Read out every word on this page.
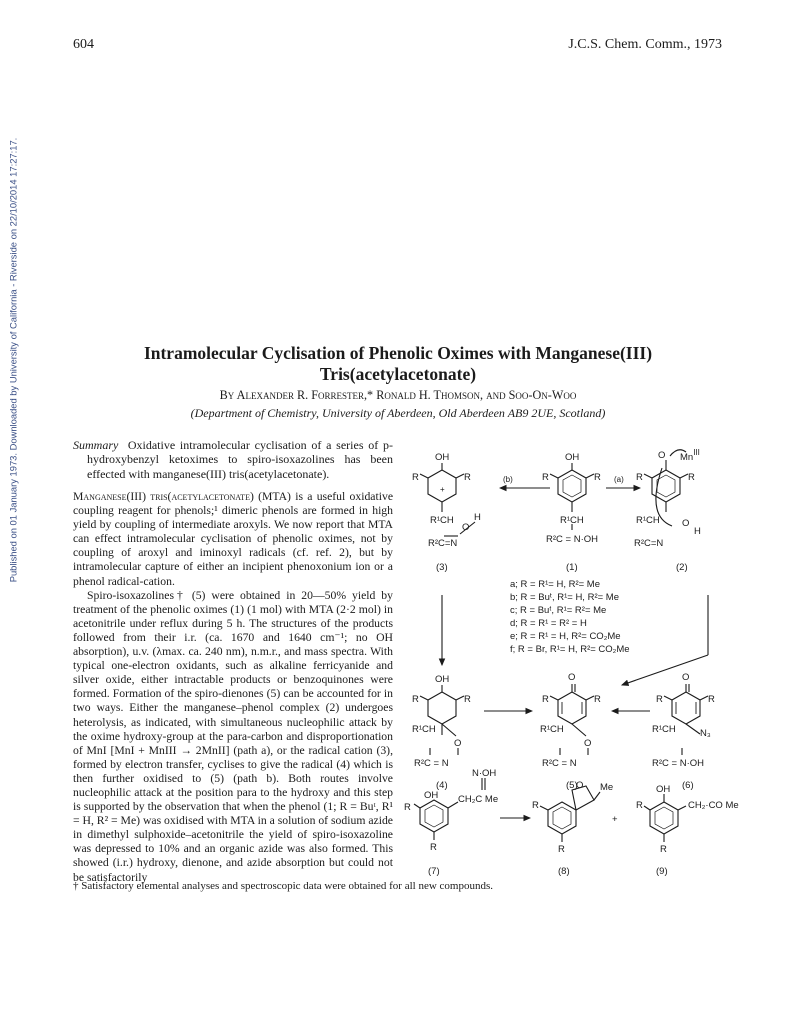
Published on 01 January 1973. Downloaded by University of California - Riverside on 22/10/2014 17:27:17.
604	J.C.S. Chem. Comm., 1973
Intramolecular Cyclisation of Phenolic Oximes with Manganese(III) Tris(acetylacetonate)
By Alexander R. Forrester,* Ronald H. Thomson, and Soo-On-Woo
(Department of Chemistry, University of Aberdeen, Old Aberdeen AB9 2UE, Scotland)
Summary Oxidative intramolecular cyclisation of a series of p-hydroxybenzyl ketoximes to spiro-isoxazolines has been effected with manganese(III) tris(acetylacetonate).

Manganese(III) tris(acetylacetonate) (MTA) is a useful oxidative coupling reagent for phenols;¹ dimeric phenols are formed in high yield by coupling of intermediate aroxyls. We now report that MTA can effect intramolecular cyclisation of phenolic oximes, not by coupling of aroxyl and iminoxyl radicals (cf. ref. 2), but by intramolecular capture of either an incipient phenoxonium ion or a phenol radical-cation.

Spiro-isoxazolines† (5) were obtained in 20—50% yield by treatment of the phenolic oximes (1) (1 mol) with MTA (2·2 mol) in acetonitrile under reflux during 5 h. The structures of the products followed from their i.r. (ca. 1670 and 1640 cm⁻¹; no OH absorption), u.v. (λmax. ca. 240 nm), n.m.r., and mass spectra. With typical one-electron oxidants, such as alkaline ferricyanide and silver oxide, either intractable products or benzoquinones were formed. Formation of the spiro-dienones (5) can be accounted for in two ways. Either the manganese–phenol complex (2) undergoes heterolysis, as indicated, with simultaneous nucleophilic attack by the oxime hydroxy-group at the para-carbon and disproportionation of MnI [MnI + MnIII → 2MnII] (path a), or the radical cation (3), formed by electron transfer, cyclises to give the radical (4) which is then further oxidised to (5) (path b). Both routes involve nucleophilic attack at the position para to the hydroxy and this step is supported by the observation that when the phenol (1; R = Buᵗ, R¹ = H, R² = Me) was oxidised with MTA in a solution of sodium azide in dimethyl sulphoxide–acetonitrile the yield of spiro-isoxazoline was depressed to 10% and an organic azide was also formed. This showed (i.r.) hydroxy, dienone, and azide absorption but could not be satisfactorily

OH
+
R	R
R¹CH H
O
R²C=N
(3)
(b)	(a)
OH
R	R
R¹CH
R²C = N·OH
(1)
O $Mn^{III}$
R	R
R¹CH O
H
R²C=N
(2)
a; R = R¹= H, R²= Me
b; R = Buᵗ, R¹= H, R²= Me
c; R = Buᵗ, R¹= R²= Me
d; R = R¹ = R² = H
e; R = R¹ = H, R²= CO₂Me
f; R = Br, R¹= H, R²= CO₂Me
OH
R	R
R¹CH
O
R²C = N
(4)
O
R	R
R¹CH
O
R²C = N
(5)
O
R	R
R¹CH	N₃
R²C = N·OH
(6)
N·OH
OH CH₂C Me
R
R
(7)
O Me
R
R
(8)
+
OH
R	CH₂·CO Me
R
(9)
† Satisfactory elemental analyses and spectroscopic data were obtained for all new compounds.
